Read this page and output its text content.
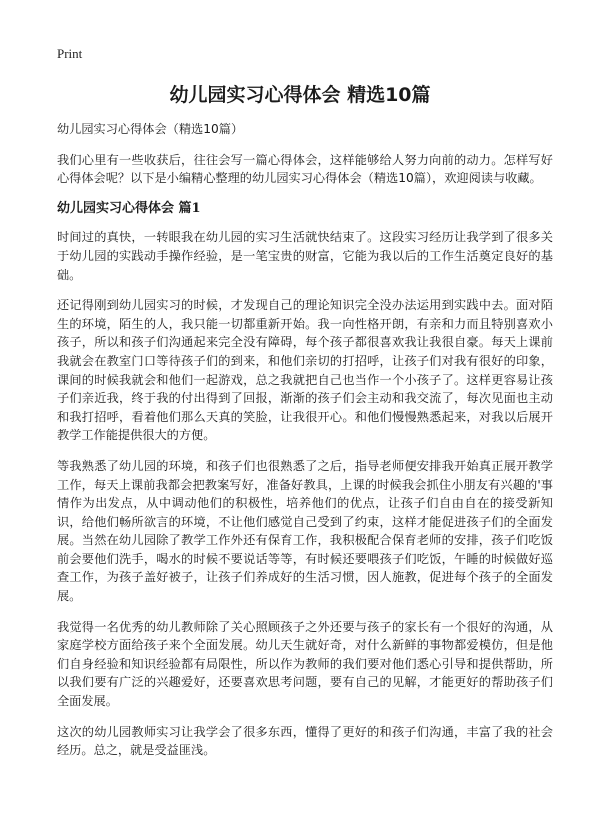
Print
幼儿园实习心得体会 精选10篇

幼儿园实习心得体会（精选10篇）

我们心里有一些收获后，往往会写一篇心得体会，这样能够给人努力向前的动力。怎样写好心得体会呢？以下是小编精心整理的幼儿园实习心得体会（精选10篇），欢迎阅读与收藏。

幼儿园实习心得体会 篇1

时间过的真快，一转眼我在幼儿园的实习生活就快结束了。这段实习经历让我学到了很多关于幼儿园的实践动手操作经验，是一笔宝贵的财富，它能为我以后的工作生活奠定良好的基础。

还记得刚到幼儿园实习的时候，才发现自己的理论知识完全没办法运用到实践中去。面对陌生的环境，陌生的人，我只能一切都重新开始。我一向性格开朗，有亲和力而且特别喜欢小孩子，所以和孩子们沟通起来完全没有障碍，每个孩子都很喜欢我让我很自豪。每天上课前我就会在教室门口等待孩子们的到来，和他们亲切的打招呼，让孩子们对我有很好的印象，课间的时候我就会和他们一起游戏，总之我就把自己也当作一个小孩子了。这样更容易让孩子们亲近我，终于我的付出得到了回报，渐渐的孩子们会主动和我交流了，每次见面也主动和我打招呼，看着他们那么天真的笑脸，让我很开心。和他们慢慢熟悉起来，对我以后展开教学工作能提供很大的方便。

等我熟悉了幼儿园的环境，和孩子们也很熟悉了之后，指导老师便安排我开始真正展开教学工作，每天上课前我都会把教案写好，准备好教具，上课的时候我会抓住小朋友有兴趣的'事情作为出发点，从中调动他们的积极性，培养他们的优点，让孩子们自由自在的接受新知识，给他们畅所欲言的环境，不让他们感觉自己受到了约束，这样才能促进孩子们的全面发展。当然在幼儿园除了教学工作外还有保育工作，我积极配合保育老师的安排，孩子们吃饭前会要他们洗手，喝水的时候不要说话等等，有时候还要喂孩子们吃饭，午睡的时候做好巡查工作，为孩子盖好被子，让孩子们养成好的生活习惯，因人施教，促进每个孩子的全面发展。

我觉得一名优秀的幼儿教师除了关心照顾孩子之外还要与孩子的家长有一个很好的沟通，从家庭学校方面给孩子来个全面发展。幼儿天生就好奇，对什么新鲜的事物都爱模仿，但是他们自身经验和知识经验都有局限性，所以作为教师的我们要对他们悉心引导和提供帮助，所以我们要有广泛的兴趣爱好，还要喜欢思考问题，要有自己的见解，才能更好的帮助孩子们全面发展。

这次的幼儿园教师实习让我学会了很多东西，懂得了更好的和孩子们沟通，丰富了我的社会经历。总之，就是受益匪浅。
